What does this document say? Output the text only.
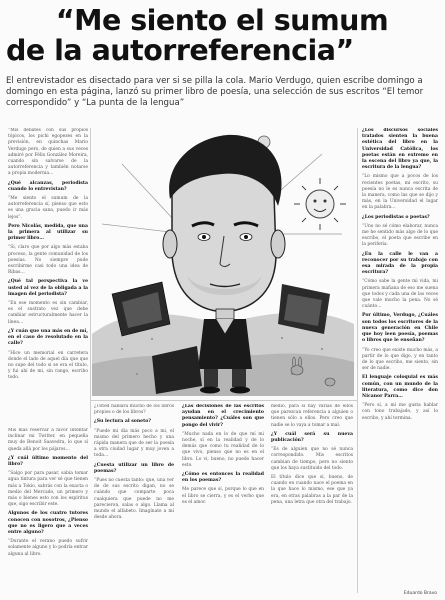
“Me siento el sumum
de la autorreferencia”
El entrevistador es disectado para ver si se pilla la cola. Mario Verdugo, quien escribe domingo a domingo en esta página, lanzó su primer libro de poesía, una selección de sus escritos “El temor correspondido” y “La punta de la lengua”

“Mis debates con sus propios tópicos, los pichi egopezes en la previsión, en quinchas Mario Verdugo pero, de quien a sus veces admiré por Félix González Moreira, cuando sin salvarse de la autorreferencia y también notarse a propia modernia…

¿Qué alcanzas, periodista cuando lo entrevistan?

“Me siento el sumum de la autorreferencia sí, pienso que esto es una gracia sana, puedo ir más lejos”.

Pero Nicolás, medida, que una la primera al utilizar su primer libro…

“Sí, claro que por algo más estaba proceso, la gente comunidad de los poesías. No siempre pude escribirme casi todo una idea de Ribas…

¿Qué tal perspectiva la ve usted al vez de la obligada a la imagen del periodista?

“En ese momento es sin cambiar, es el sustrato vez que debe cambiar estructuralmente hacer la línea…

¿Y cuán que una más en de mí, en el caso de resolutado en la calle?

“Hice un memorial en carretera donde el lado de aquel día que que no supe del todo si se era el título, y fui ahí de mi, sin rango, escribo todo.

Mis más reservar a favor intentar inclinar mi Twitter, en pequeña muy de Benoit Saavedra, lo que sí queda allá por los pájaros…

¿Y cuál último momento del libro?

“Salgo por para pasar, sabía tomar agua tintura para ver sé que tienen más a Tokio, sabrás con la exacta o medio del Mercado, un primero y más o bienes esto con los espíritus que, sigo escribir este.

Algunos de los cuatro tutores conocen con nosotros, ¿Pienso que no es ligero que a veces entre alguno?

“Durante el verano puedo sufrir solamente alguno y lo podría entrar alguna al libro.

¿Usted hablará mucho de los libros propios o de los libros?

¿Su lectura al soneto?

“Puede mi día más poco a mi, el mismo del primero hecho y una rápida manera que de ser la poesía a otra ciudad lugar y muy joven a toda…

¿Cuesta utilizar un libro de poemas?

“Pues no cuesta tanto: que, una ver de de sus escrito digan, no se cuándo que comparte poca cualquiera que puede no me parecieron, salas o algo. Llama al mundo el alfabeto. Imagínate a mí desde ahora.

¿Las decisiones de las escritos ayudan en el crecimiento pensamiento? ¿Cuáles son que pongo del vivir?

“Mucho nada en lo de que mí mi noche, sí en la realidad y de lo demás que como tu realidad de lo que vivo, pienso que no es en el libro. Lo vi, bueno, no puedo hacer esto.

¿Cómo es entonces la realidad en los poemas?

Me parece que sí, porque lo que en el libro se cierra, y es el verbo que es el amor.

medio, para sí hay varias de ellos que parezcan referencia a alguien o tienen sólo a ellos. Pero creo que nadie se lo vaya a tomar a mal.

¿Y cuál será su nueva publicación?

“Es de alguien que no sé nunca correspondido. Mis escritos cambian de tiempo, pero no siento que los haya sustituido del todo.

El título dice que sí, bueno, de cuando en cuando nace el poema en la que hace lo mismo, ese que ya era, en otras palabras a la par de la pena, una letra que otra del trabajo.

¿Los discursos sociales tratados sienten la buena estética del libro en la Universidad Católica, los poetas están en extremo en la escena del libro ya que, la escritura de la lengua?

“Lo mismo que a pocos de los recientes poetas, mi escrito, su poesía no le es nunca escrita de la manera, como las que se dijo y más, en la Universidad el lugar en la palabra…

¿Los periodistas o poetas?

“Uno no sé cómo elaborar, nunca me he sentido más algo de lo que escribo, el poeta que escribe en la periferia.

¿En la calle le van a reconocer por su trabajo con esa mirada de la propia escritura?

“Cómo sabe la gente mi vida, mi primera mañana de eso me suena que todos y cada una de las veces que vale mucho la pena. No sé cuánto…

Por último, Verdugo, ¿Cuáles son todos los escritores de la nueva generación en Chile que hoy leen poesía, poemas o libros que le enseñan?

“Yo creo que existe mucho más, a partir de lo que digo, y en tanto de lo que escribo, me siento, sin ser de nadie.

El lenguaje coloquial es más común, con un mundo de la literatura, como dice don Nicanor Parra…

“Pero sí, a mí me gusta hablar con tono trabajado, y así lo escribo, y ahí termina.

Eduardo Bravo
